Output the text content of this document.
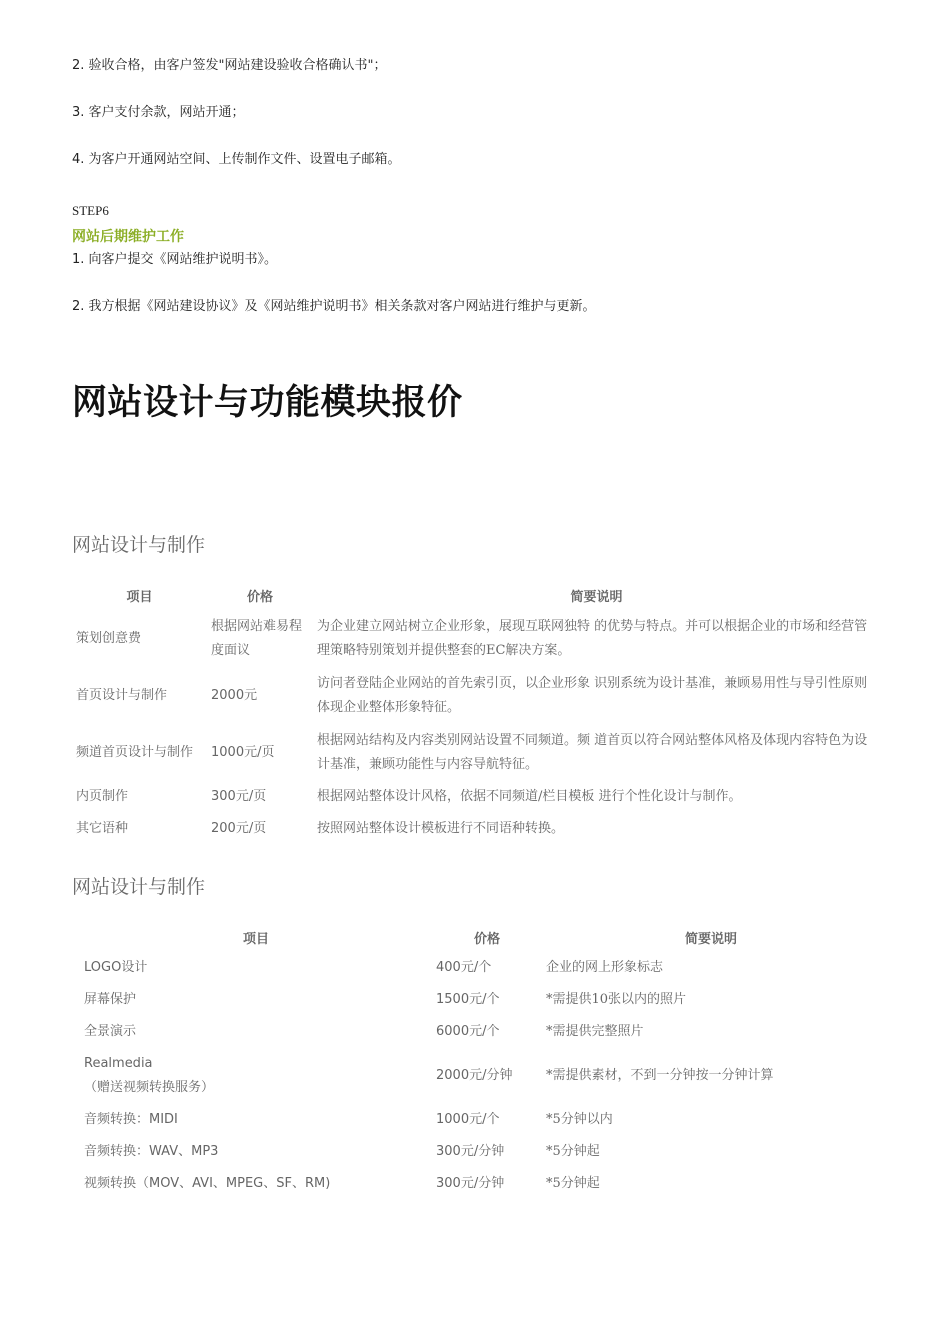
2. 验收合格，由客户签发"网站建设验收合格确认书"；
3. 客户支付余款，网站开通；
4. 为客户开通网站空间、上传制作文件、设置电子邮箱。
STEP6
网站后期维护工作
1. 向客户提交《网站维护说明书》。
2. 我方根据《网站建设协议》及《网站维护说明书》相关条款对客户网站进行维护与更新。
网站设计与功能模块报价
网站设计与制作
项目	价格	简要说明
策划创意费	根据网站难易程度面议	为企业建立网站树立企业形象，展现互联网独特 的优势与特点。并可以根据企业的市场和经营管 理策略特别策划并提供整套的EC解决方案。
首页设计与制作	2000元	访问者登陆企业网站的首先索引页，以企业形象 识别系统为设计基准，兼顾易用性与导引性原则 体现企业整体形象特征。
频道首页设计与制作	1000元/页	根据网站结构及内容类别网站设置不同频道。频 道首页以符合网站整体风格及体现内容特色为设 计基准，兼顾功能性与内容导航特征。
内页制作	300元/页	根据网站整体设计风格，依据不同频道/栏目模板 进行个性化设计与制作。
其它语种	200元/页	按照网站整体设计模板进行不同语种转换。
网站设计与制作
项目	价格	简要说明
LOGO设计	400元/个	企业的网上形象标志
屏幕保护	1500元/个	*需提供10张以内的照片
全景演示	6000元/个	*需提供完整照片

Realmedia
（赠送视频转换服务）	2000元/分钟	*需提供素材，不到一分钟按一分钟计算
音频转换：MIDI	1000元/个	*5分钟以内
音频转换：WAV、MP3	300元/分钟	*5分钟起
视频转换（MOV、AVI、MPEG、SF、RM)	300元/分钟	*5分钟起
